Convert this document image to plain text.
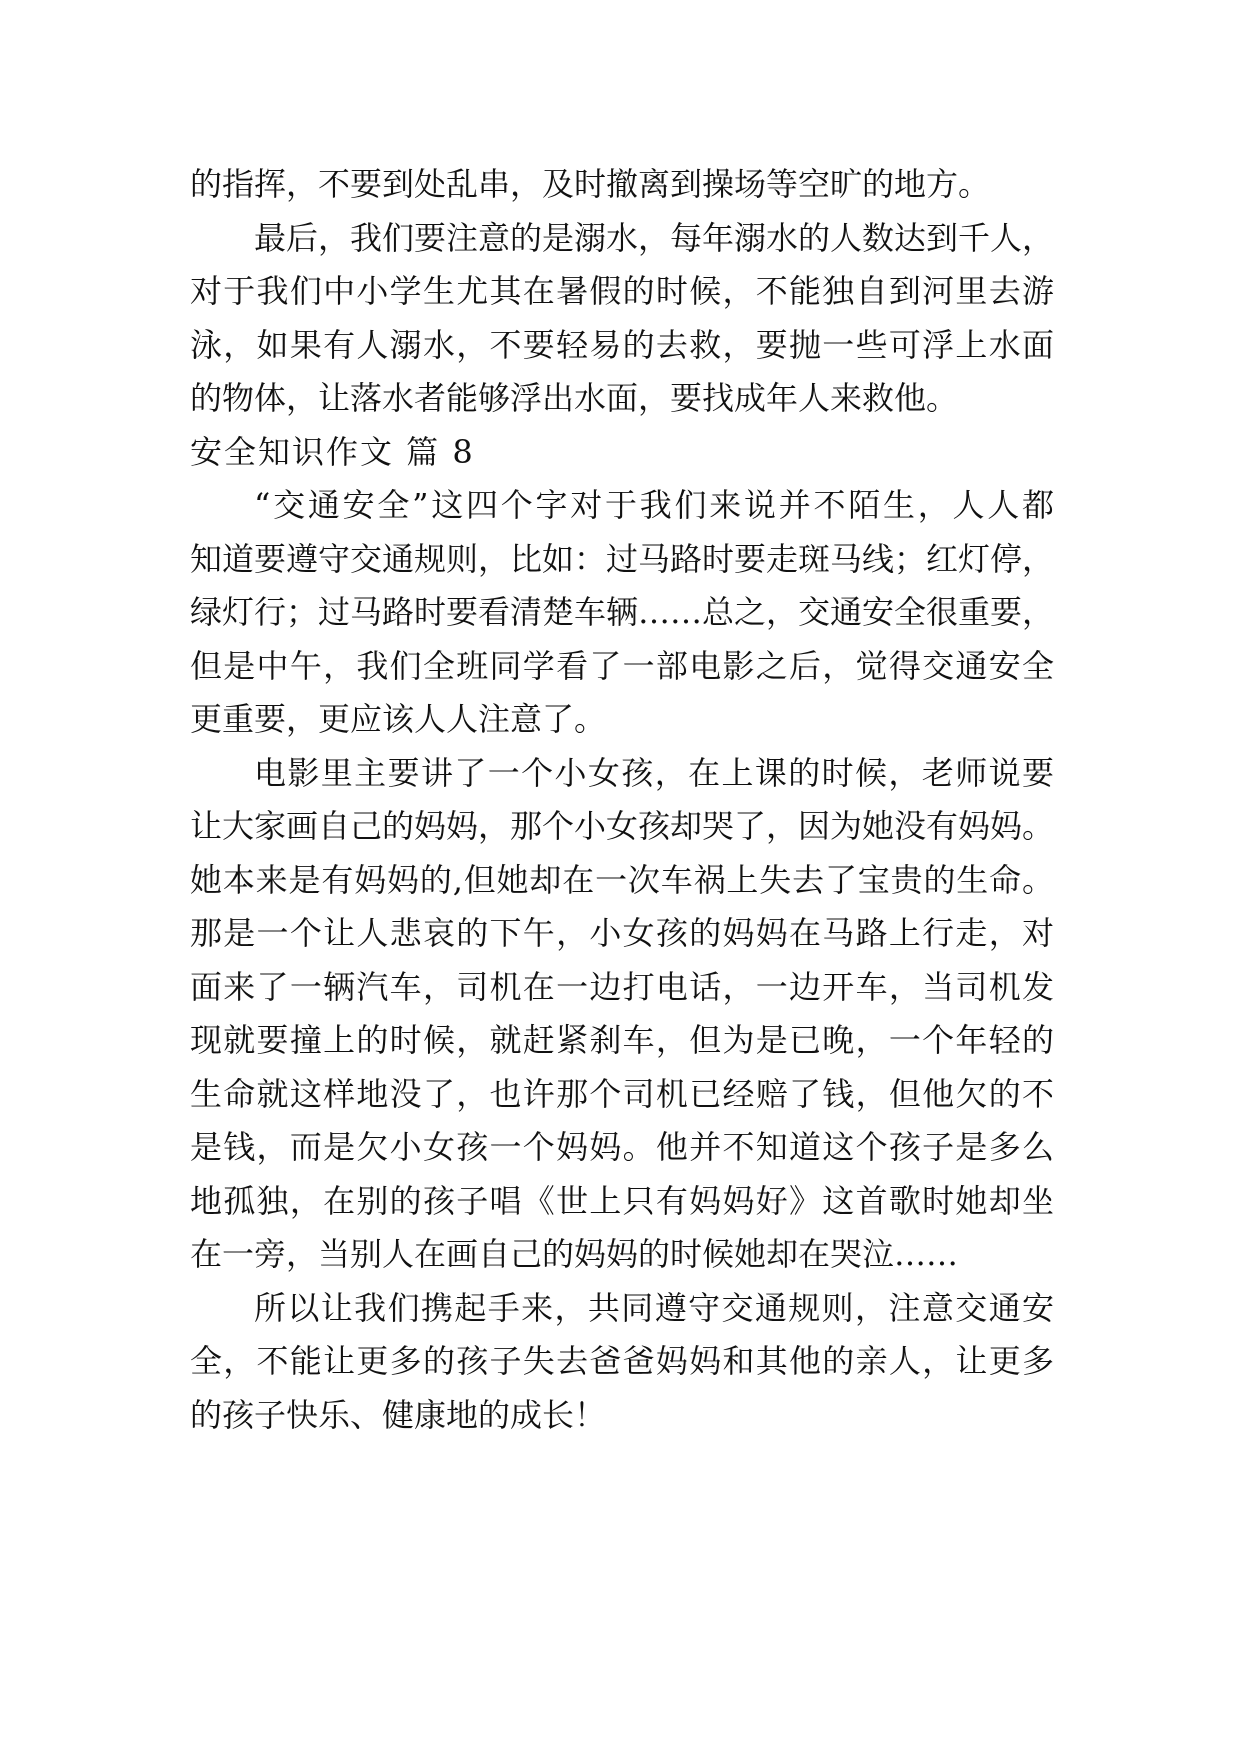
的指挥，不要到处乱串，及时撤离到操场等空旷的地方。
最后，我们要注意的是溺水，每年溺水的人数达到千人，
对于我们中小学生尤其在暑假的时候，不能独自到河里去游
泳，如果有人溺水，不要轻易的去救，要抛一些可浮上水面
的物体，让落水者能够浮出水面，要找成年人来救他。
安全知识作文 篇 8
“交通安全”这四个字对于我们来说并不陌生，人人都
知道要遵守交通规则，比如：过马路时要走斑马线；红灯停，
绿灯行；过马路时要看清楚车辆……总之，交通安全很重要，
但是中午，我们全班同学看了一部电影之后，觉得交通安全
更重要，更应该人人注意了。
电影里主要讲了一个小女孩，在上课的时候，老师说要
让大家画自己的妈妈，那个小女孩却哭了，因为她没有妈妈。
她本来是有妈妈的,但她却在一次车祸上失去了宝贵的生命。
那是一个让人悲哀的下午，小女孩的妈妈在马路上行走，对
面来了一辆汽车，司机在一边打电话，一边开车，当司机发
现就要撞上的时候，就赶紧刹车，但为是已晚，一个年轻的
生命就这样地没了，也许那个司机已经赔了钱，但他欠的不
是钱，而是欠小女孩一个妈妈。他并不知道这个孩子是多么
地孤独，在别的孩子唱《世上只有妈妈好》这首歌时她却坐
在一旁，当别人在画自己的妈妈的时候她却在哭泣……
所以让我们携起手来，共同遵守交通规则，注意交通安
全，不能让更多的孩子失去爸爸妈妈和其他的亲人，让更多
的孩子快乐、健康地的成长！
